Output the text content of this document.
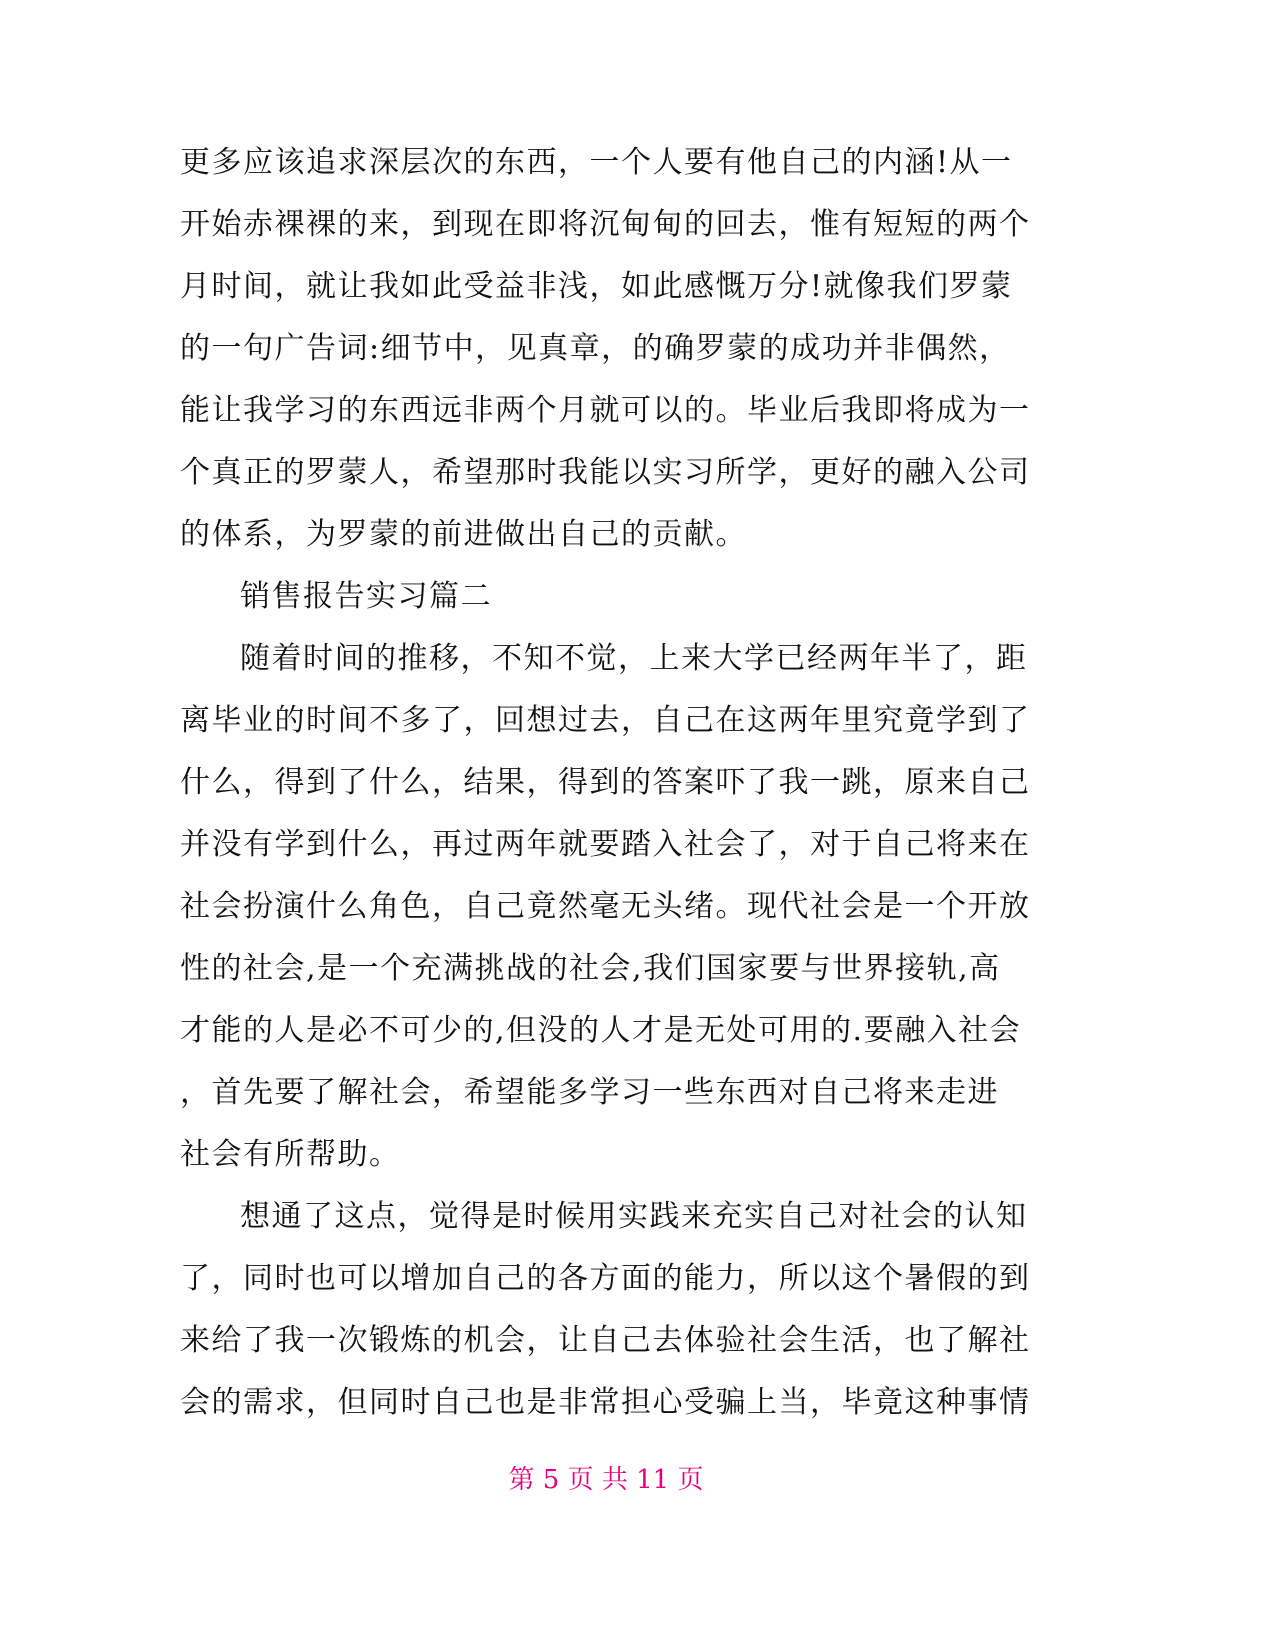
更多应该追求深层次的东西，一个人要有他自己的内涵!从一
开始赤裸裸的来，到现在即将沉甸甸的回去，惟有短短的两个
月时间，就让我如此受益非浅，如此感慨万分!就像我们罗蒙
的一句广告词:细节中，见真章，的确罗蒙的成功并非偶然，
能让我学习的东西远非两个月就可以的。毕业后我即将成为一
个真正的罗蒙人，希望那时我能以实习所学，更好的融入公司
的体系，为罗蒙的前进做出自己的贡献。
销售报告实习篇二
随着时间的推移，不知不觉，上来大学已经两年半了，距
离毕业的时间不多了，回想过去，自己在这两年里究竟学到了
什么，得到了什么，结果，得到的答案吓了我一跳，原来自己
并没有学到什么，再过两年就要踏入社会了，对于自己将来在
社会扮演什么角色，自己竟然毫无头绪。现代社会是一个开放
性的社会,是一个充满挑战的社会,我们国家要与世界接轨,高
才能的人是必不可少的,但没的人才是无处可用的.要融入社会
，首先要了解社会，希望能多学习一些东西对自己将来走进
社会有所帮助。
想通了这点，觉得是时候用实践来充实自己对社会的认知
了，同时也可以增加自己的各方面的能力，所以这个暑假的到
来给了我一次锻炼的机会，让自己去体验社会生活，也了解社
会的需求，但同时自己也是非常担心受骗上当，毕竟这种事情
第 5 页 共 11 页
